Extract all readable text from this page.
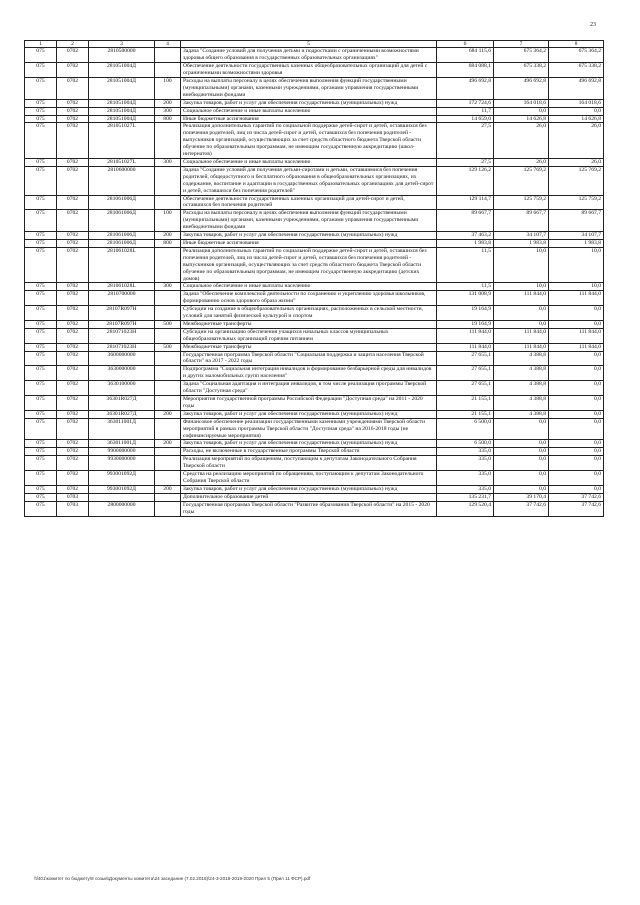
23
1	2	3	4	5	6	7	8
075	0702	2810500000		Задача "Создание условий для получения детьми и подростками с ограниченными возможностями здоровья общего образования в государственных образовательных организациях"	684 115,6	675 364,2	675 364,2
075	0702	281051004Д		Обеспечение деятельности государственных казенных общеобразовательных организаций для детей с ограниченными возможностями здоровья	684 088,1	675 338,2	675 338,2
075	0702	281051004Д	100	Расходы на выплаты персоналу в целях обеспечения выполнения функций государственными (муниципальными) органами, казенными учреждениями, органами управления государственными внебюджетными фондами	496 692,8	496 692,8	496 692,8
075	0702	281051004Д	200	Закупка товаров, работ и услуг для обеспечения государственных (муниципальных) нужд	172 724,6	164 018,6	164 018,6
075	0702	281051004Д	300	Социальное обеспечение и иные выплаты населению	11,7	0,0	0,0
075	0702	281051004Д	800	Иные бюджетные ассигнования	14 659,0	14 626,8	14 626,8
075	0702	281051027L		Реализация дополнительных гарантий по социальной поддержке детей-сирот и детей, оставшихся без попечения родителей, лиц из числа детей-сирот и детей, оставшихся без попечения родителей - выпускников организаций, осуществляющих за счет средств областного бюджета Тверской области обучение по образовательным программам, не имеющим государственную аккредитацию (школ-интернатов)	27,5	26,0	26,0
075	0702	281051027L	300	Социальное обеспечение и иные выплаты населению	27,5	26,0	26,0
075	0702	2810600000		Задача "Создание условий для получения детьми-сиротами и детьми, оставшимися без попечения родителей, общедоступного и бесплатного образования в общеобразовательных организациях, их содержание, воспитание и адаптации в государственных образовательных организациях для детей-сирот и детей, оставшихся без попечения родителей"	129 126,2	125 769,2	125 769,2
075	0702	281061006Д		Обеспечение деятельности государственных казенных организаций для детей-сирот и детей, оставшихся без попечения родителей	129 114,7	125 759,2	125 759,2
075	0702	281061006Д	100	Расходы на выплаты персоналу в целях обеспечения выполнения функций государственными (муниципальными) органами, казенными учреждениями, органами управления государственными внебюджетными фондами	89 667,7	89 667,7	89 667,7
075	0702	281061006Д	200	Закупка товаров, работ и услуг для обеспечения государственных (муниципальных) нужд	37 463,2	34 107,7	34 107,7
075	0702	281061006Д	800	Иные бюджетные ассигнования	1 983,8	1 983,8	1 983,8
075	0702	281061028L		Реализация дополнительных гарантий по социальной поддержке детей-сирот и детей, оставшихся без попечения родителей, лиц из числа детей-сирот и детей, оставшихся без попечения родителей - выпускников организаций, осуществляющих за счет средств областного бюджета Тверской области обучение по образовательным программам, не имеющим государственную аккредитацию (детских домов)	11,5	10,0	10,0
075	0702	281061028L	300	Социальное обеспечение и иные выплаты населению	11,5	10,0	10,0
075	0702	2810700000		Задача "Обеспечение комплексной деятельности по сохранению и укреплению здоровья школьников, формированию основ здорового образа жизни"	131 008,9	111 844,0	111 844,0
075	0702	28107R097H		Субсидии на создание в общеобразовательных организациях, расположенных в сельской местности, условий для занятий физической культурой и спортом	19 164,9	0,0	0,0
075	0702	28107R097H	500	Межбюджетные трансферты	19 164,9	0,0	0,0
075	0702	281071023Н		Субсидии на организацию обеспечения учащихся начальных классов муниципальных общеобразовательных организаций горячим питанием	111 844,0	111 844,0	111 844,0
075	0702	281071023Н	500	Межбюджетные трансферты	111 844,0	111 844,0	111 844,0
075	0702	3600000000		Государственная программа Тверской области "Социальная поддержка и защита населения Тверской области" на 2017 - 2022 годы	27 655,1	4 388,8	0,0
075	0702	3630000000		Подпрограмма "Социальная интеграция инвалидов и формирование безбарьерной среды для инвалидов и других маломобильных групп населения"	27 655,1	4 388,8	0,0
075	0702	3630100000		Задача "Социальная адаптация и интеграция инвалидов, в том числе реализация программы Тверской области "Доступная среда"	27 655,1	4 388,8	0,0
075	0702	36301R027Д		Мероприятия государственной программы Российской Федерации "Доступная среда" на 2011 - 2020 годы	21 155,1	4 388,8	0,0
075	0702	36301R027Д	200	Закупка товаров, работ и услуг для обеспечения государственных (муниципальных) нужд	21 155,1	4 388,8	0,0
075	0702	363011001Д		Финансовое обеспечение реализации государственными казенными учреждениями Тверской области мероприятий в рамках программы Тверской области "Доступная среда" на 2016-2018 годы (не софинансируемые мероприятия)	6 500,0	0,0	0,0
075	0702	363011001Д	200	Закупка товаров, работ и услуг для обеспечения государственных (муниципальных) нужд	6 500,0	0,0	0,0
075	0702	9900000000		Расходы, не включенные в государственные программы Тверской области	335,0	0,0	0,0
075	0702	9930000000		Реализация мероприятий по обращениям, поступающим к депутатам Законодательного Собрания Тверской области	335,0	0,0	0,0
075	0702	993001092Д		Средства на реализацию мероприятий по обращениям, поступающим к депутатам Законодательного Собрания Тверской области	335,0	0,0	0,0
075	0702	993001092Д	200	Закупка товаров, работ и услуг для обеспечения государственных (муниципальных) нужд	335,0	0,0	0,0
075	0703			Дополнительное образование детей	135 231,7	39 170,4	37 742,6
075	0703	2800000000		Государственная программа Тверской области "Развитие образования Тверской области" на 2015 - 2020 годы	129 520,4	37 742,6	37 742,6
\\f401\комитет по бюджету\8 созыв\Документы комитета\24 заседание (7.02.2018)\24-3-2018-2019-2020 Прил 5 (Прил 11 ФСР).pdf
